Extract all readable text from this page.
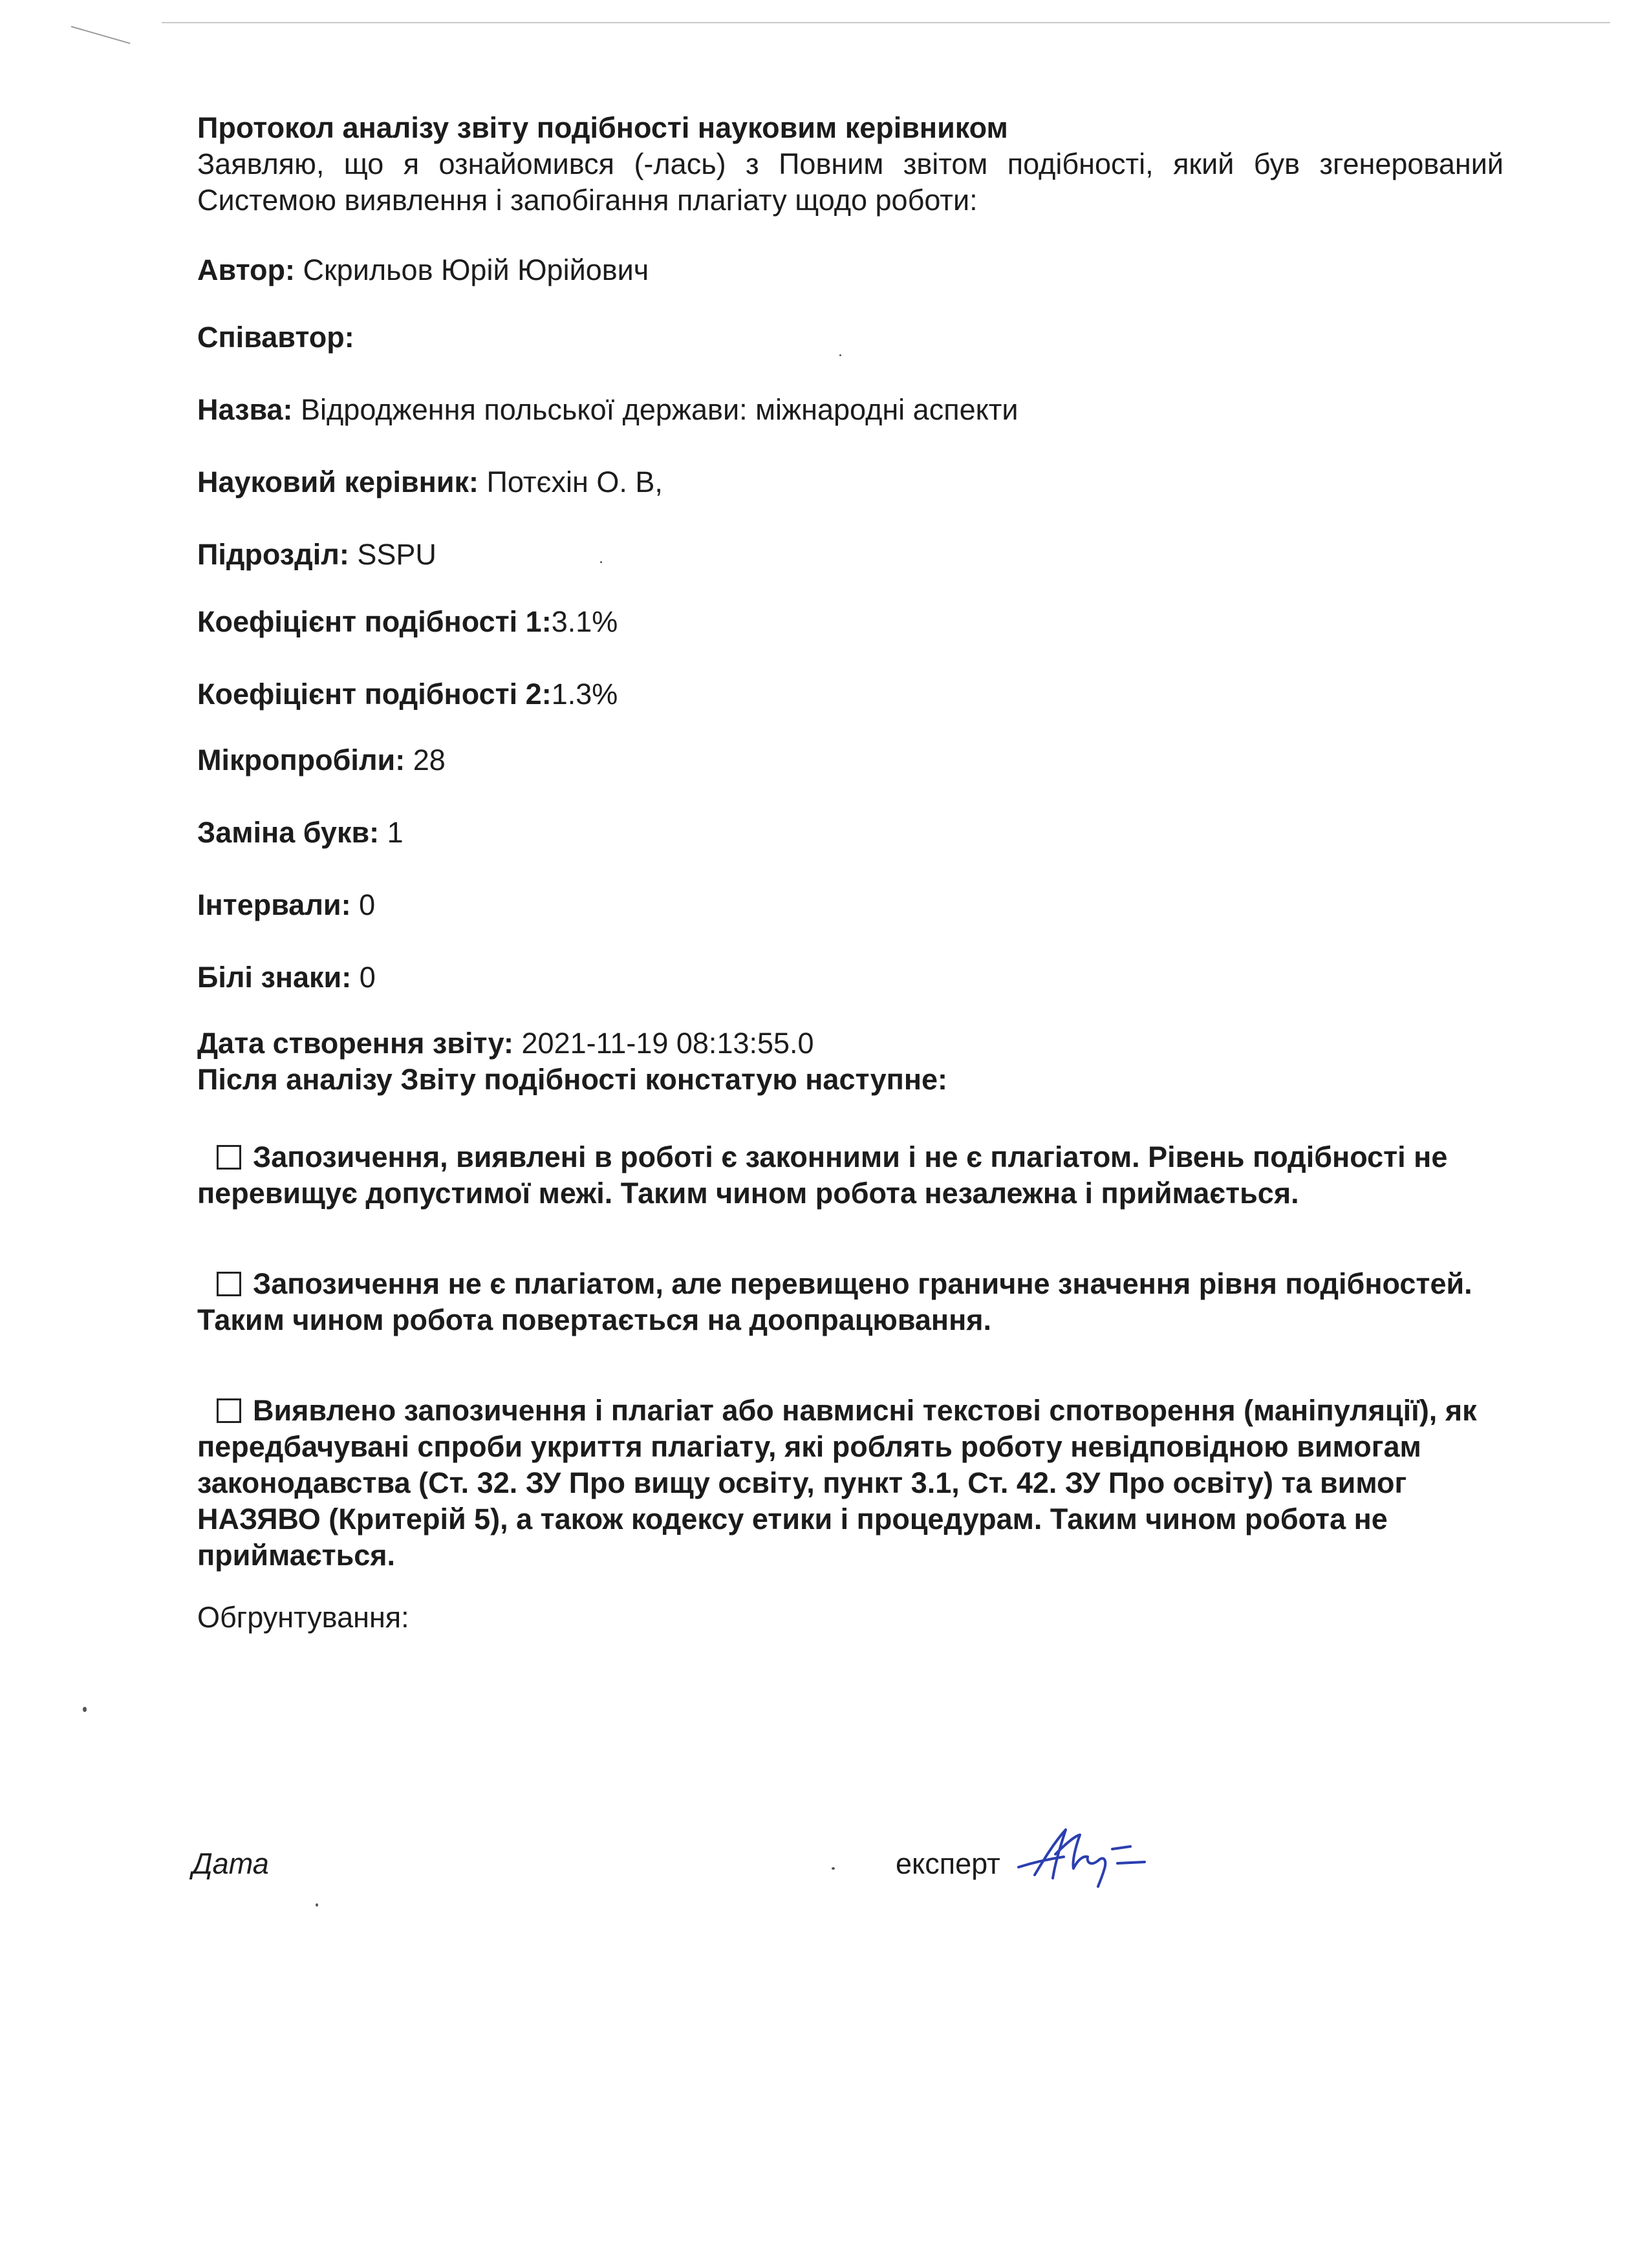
Протокол аналізу звіту подібності науковим керівником

Заявляю, що я ознайомився (-лась) з Повним звітом подібності, який був згенерований Системою виявлення і запобігання плагіату щодо роботи:

Автор: Скрильов Юрій Юрійович

Співавтор:

Назва: Відродження польської держави: міжнародні аспекти

Науковий керівник: Потєхін О. В,

Підрозділ: SSPU

Коефіцієнт подібності 1:3.1%

Коефіцієнт подібності 2:1.3%

Мікропробіли: 28

Заміна букв: 1

Інтервали: 0

Білі знаки: 0

Дата створення звіту: 2021-11-19 08:13:55.0

Після аналізу Звіту подібності констатую наступне:

Запозичення, виявлені в роботі є законними і не є плагіатом. Рівень подібності не перевищує допустимої межі. Таким чином робота незалежна і приймається.

Запозичення не є плагіатом, але перевищено граничне значення рівня подібностей. Таким чином робота повертається на доопрацювання.

Виявлено запозичення і плагіат або навмисні текстові спотворення (маніпуляції), як передбачувані спроби укриття плагіату, які роблять роботу невідповідною вимогам законодавства (Ст. 32. ЗУ Про вищу освіту, пункт 3.1, Ст. 42. ЗУ Про освіту) та вимог НАЗЯВО (Критерій 5), а також кодексу етики і процедурам. Таким чином робота не приймається.

Обгрунтування:

Дата	експерт
